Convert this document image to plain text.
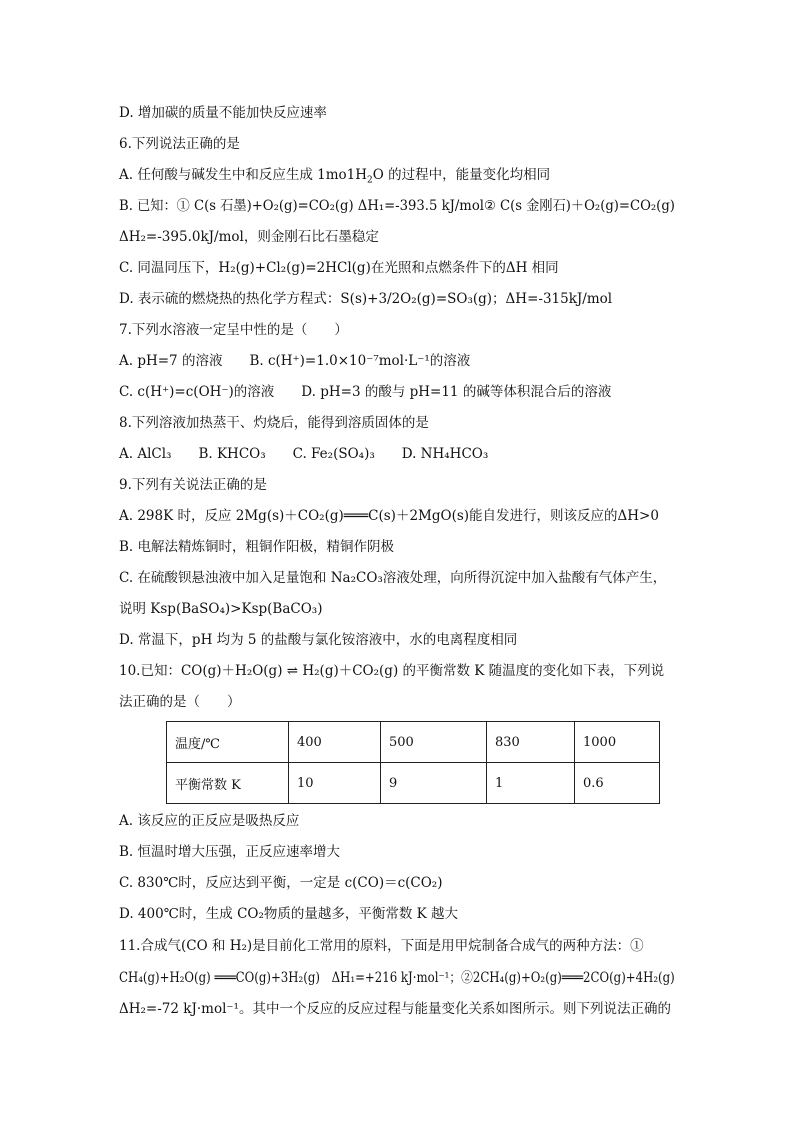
D. 增加碳的质量不能加快反应速率
6.下列说法正确的是
A. 任何酸与碱发生中和反应生成 $1mo1H_2O$ 的过程中，能量变化均相同
B. 已知：① C(s 石墨)+O₂(g)=CO₂(g) ΔH₁=-393.5 kJ/mol② C(s 金刚石)＋O₂(g)=CO₂(g)
ΔH₂=-395.0kJ/mol，则金刚石比石墨稳定
C. 同温同压下，H₂(g)+Cl₂(g)=2HCl(g)在光照和点燃条件下的ΔH 相同
D. 表示硫的燃烧热的热化学方程式：S(s)+3/2O₂(g)=SO₃(g)；ΔH=-315kJ/mol
7.下列水溶液一定呈中性的是（　　）
A. pH=7 的溶液　　B. c(H⁺)=1.0×10⁻⁷mol·L⁻¹的溶液
C. c(H⁺)=c(OH⁻)的溶液　　D. pH=3 的酸与 pH=11 的碱等体积混合后的溶液
8.下列溶液加热蒸干、灼烧后，能得到溶质固体的是
A. AlCl₃　　B. KHCO₃　　C. Fe₂(SO₄)₃　　D. NH₄HCO₃
9.下列有关说法正确的是
A. 298K 时，反应 2Mg(s)＋CO₂(g)═══C(s)＋2MgO(s)能自发进行，则该反应的ΔH>0
B. 电解法精炼铜时，粗铜作阳极，精铜作阴极
C. 在硫酸钡悬浊液中加入足量饱和 Na₂CO₃溶液处理，向所得沉淀中加入盐酸有气体产生，
说明 Ksp(BaSO₄)>Ksp(BaCO₃)
D. 常温下，pH 均为 5 的盐酸与氯化铵溶液中，水的电离程度相同
10.已知：CO(g)＋H₂O(g) ⇌ H₂(g)＋CO₂(g) 的平衡常数 K 随温度的变化如下表，下列说
法正确的是（　　）
温度/℃	400	500	830	1000
平衡常数 K	10	9	1	0.6
A. 该反应的正反应是吸热反应
B. 恒温时增大压强，正反应速率增大
C. 830℃时，反应达到平衡，一定是 c(CO)＝c(CO₂)
D. 400℃时，生成 CO₂物质的量越多，平衡常数 K 越大
11.合成气(CO 和 H₂)是目前化工常用的原料，下面是用甲烷制备合成气的两种方法：①
CH₄(g)+H₂O(g) ═══CO(g)+3H₂(g)　ΔH₁=+216 kJ·mol⁻¹；②2CH₄(g)+O₂(g)═══2CO(g)+4H₂(g)
ΔH₂=-72 kJ·mol⁻¹。其中一个反应的反应过程与能量变化关系如图所示。则下列说法正确的
